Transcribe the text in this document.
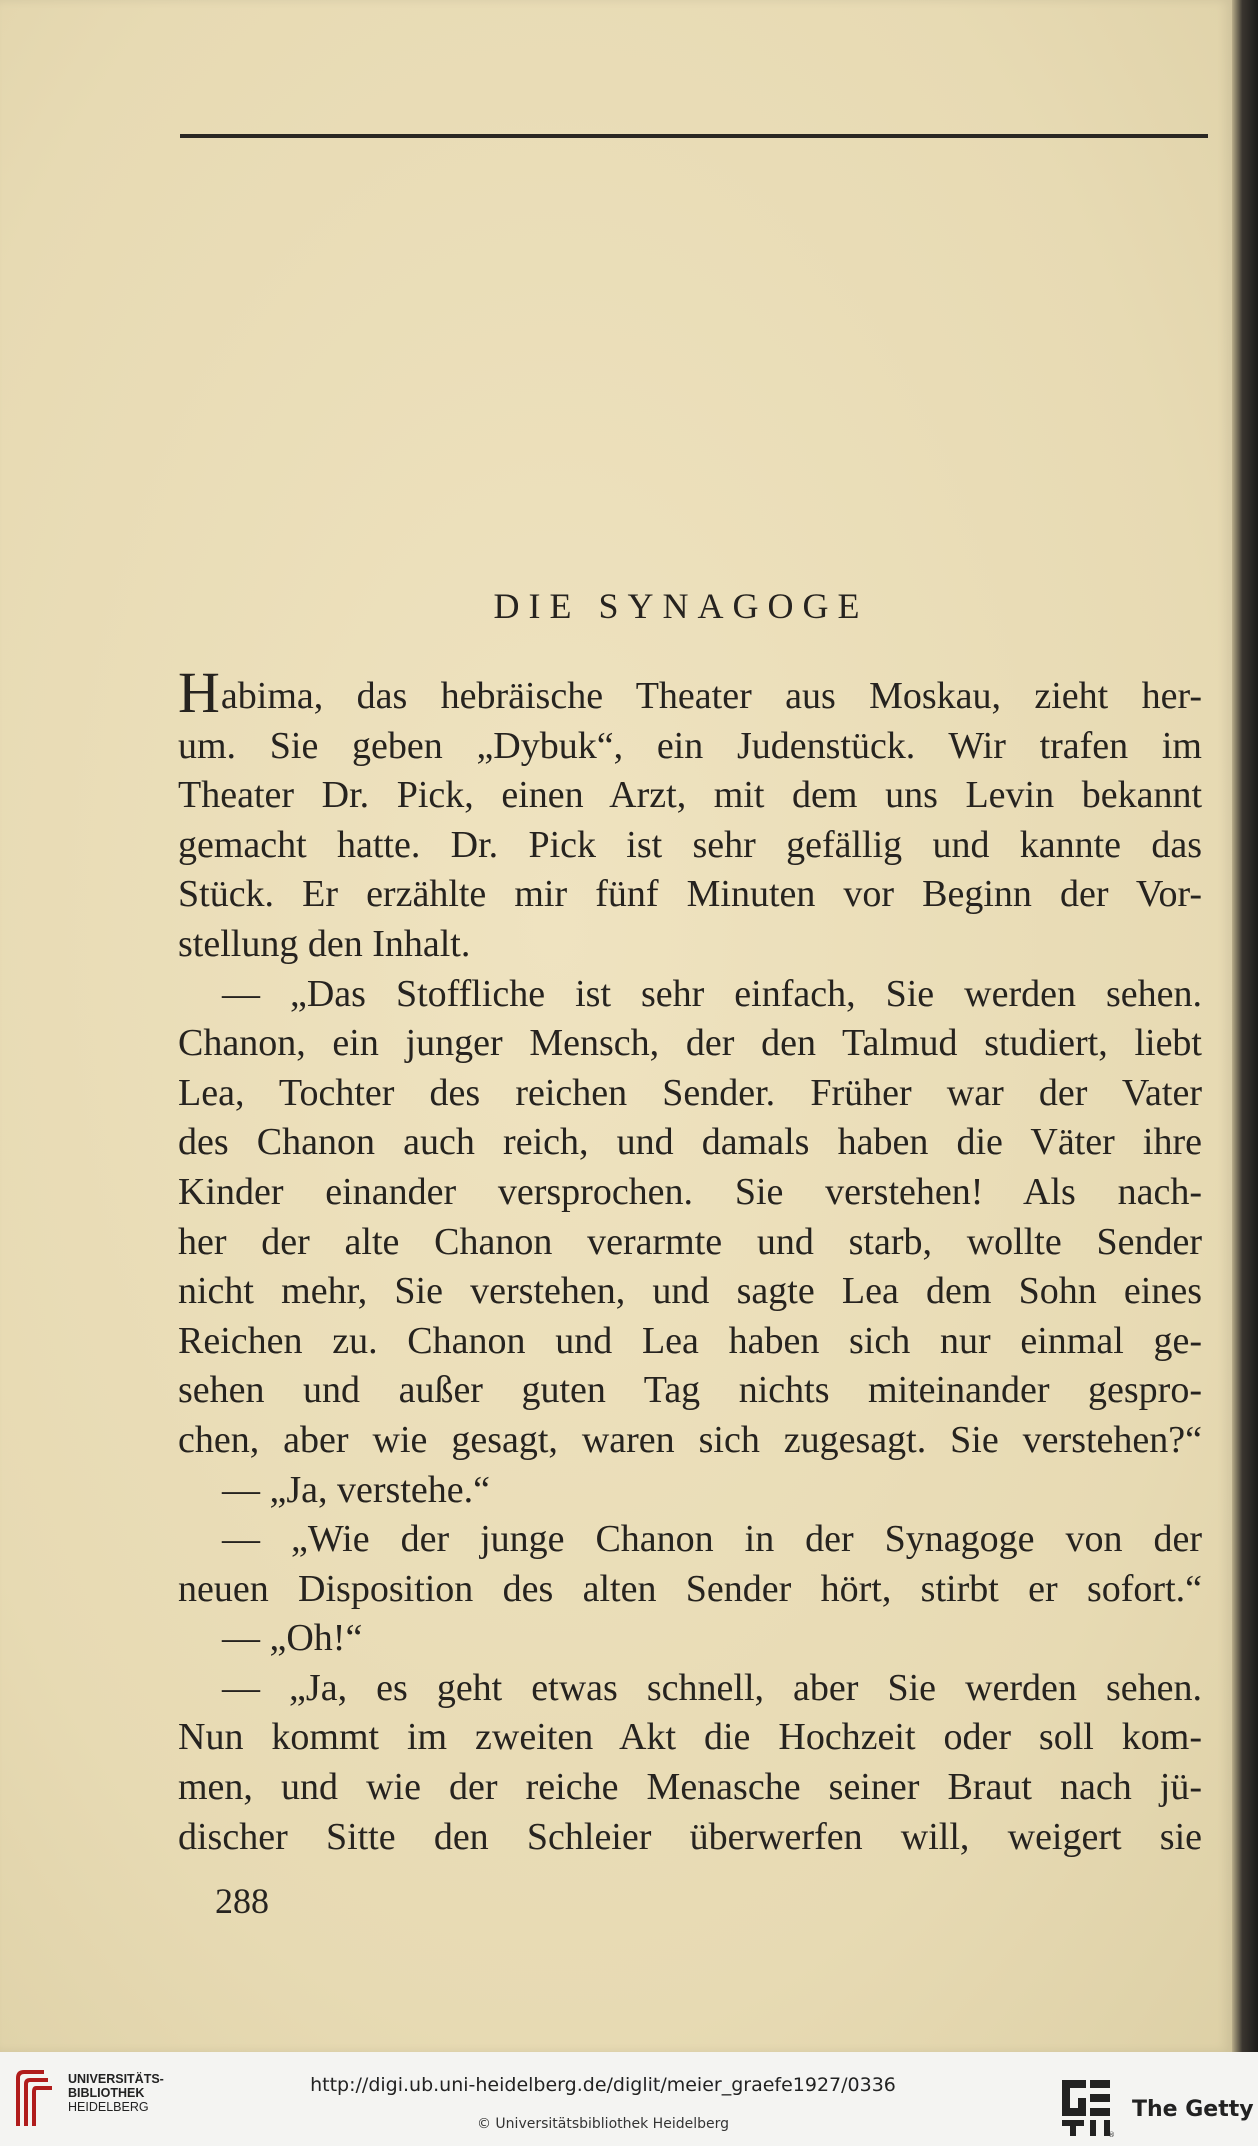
DIE SYNAGOGE
Habima, das hebräische Theater aus Moskau, zieht her-
um. Sie geben „Dybuk“, ein Judenstück. Wir trafen im
Theater Dr. Pick, einen Arzt, mit dem uns Levin bekannt
gemacht hatte. Dr. Pick ist sehr gefällig und kannte das
Stück. Er erzählte mir fünf Minuten vor Beginn der Vor-
stellung den Inhalt.
— „Das Stoffliche ist sehr einfach, Sie werden sehen.
Chanon, ein junger Mensch, der den Talmud studiert, liebt
Lea, Tochter des reichen Sender. Früher war der Vater
des Chanon auch reich, und damals haben die Väter ihre
Kinder einander versprochen. Sie verstehen! Als nach-
her der alte Chanon verarmte und starb, wollte Sender
nicht mehr, Sie verstehen, und sagte Lea dem Sohn eines
Reichen zu. Chanon und Lea haben sich nur einmal ge-
sehen und außer guten Tag nichts miteinander gespro-
chen, aber wie gesagt, waren sich zugesagt. Sie verstehen?“
— „Ja, verstehe.“
— „Wie der junge Chanon in der Synagoge von der
neuen Disposition des alten Sender hört, stirbt er sofort.“
— „Oh!“
— „Ja, es geht etwas schnell, aber Sie werden sehen.
Nun kommt im zweiten Akt die Hochzeit oder soll kom-
men, und wie der reiche Menasche seiner Braut nach jü-
discher Sitte den Schleier überwerfen will, weigert sie
288
UNIVERSITÄTS-
BIBLIOTHEK
HEIDELBERG
http://digi.ub.uni-heidelberg.de/diglit/meier_graefe1927/0336
© Universitätsbibliothek Heidelberg
®
The Getty
